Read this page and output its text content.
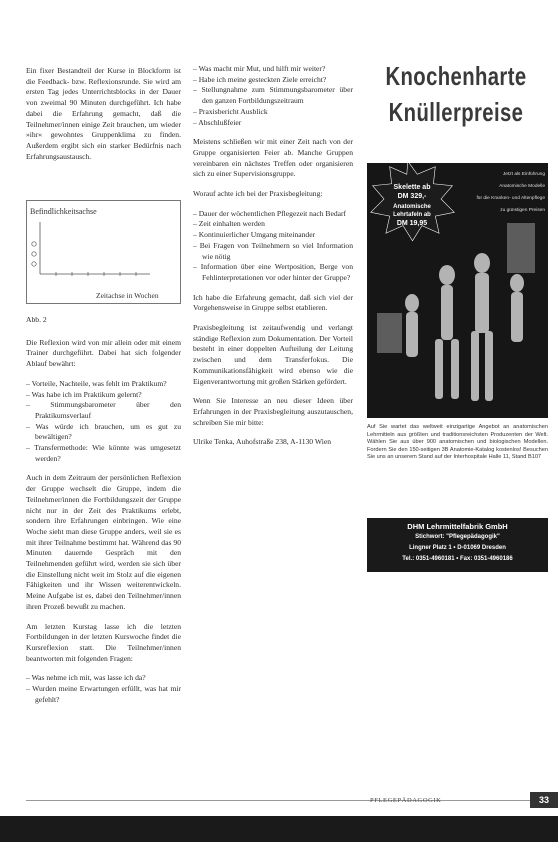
Ein fixer Bestandteil der Kurse in Blockform ist die Feedback- bzw. Reflexionsrunde. Sie wird am ersten Tag jedes Unterrichtsblocks in der Dauer von zweimal 90 Minuten durchgeführt. Ich habe dabei die Erfahrung gemacht, daß die Teilnehmer/innen einige Zeit brauchen, um wieder »ihr« gewohntes Gruppenklima zu finden. Außerdem ergibt sich ein starker Bedürfnis nach Erfahrungsaustausch.

Befindlichkeitsachse
Zeitachse in Wochen

Abb. 2

Die Reflexion wird von mir allein oder mit einem Trainer durchgeführt. Dabei hat sich folgender Ablauf bewährt:

– Vorteile, Nachteile, was fehlt im Praktikum?
– Was habe ich im Praktikum gelernt?
– Stimmungsbarometer über den Praktikumsverlauf
– Was würde ich brauchen, um es gut zu bewältigen?
– Transfermethode: Wie könnte was umgesetzt werden?

Auch in dem Zeitraum der persönlichen Reflexion der Gruppe wechselt die Gruppe, indem die Teilnehmer/innen die Fortbildungszeit der Gruppe nicht nur in der Zeit des Praktikums erlebt, sondern ihre Erfahrungen einbringen. Wie eine Woche sieht man diese Gruppe anders, weil sie es mit ihrer Teilnahme bestimmt hat. Während das 90 Minuten dauernde Gespräch mit den Teilnehmenden geführt wird, werden sie sich über die Einstellung nicht weit im Stolz auf die eigenen Fähigkeiten und ihr Wissen weiterentwickeln. Meine Aufgabe ist es, dabei den Teilnehmer/innen ihren Prozeß bewußt zu machen.

Am letzten Kurstag lasse ich die letzten Fortbildungen in der letzten Kurswoche findet die Kursreflexion statt. Die Teilnehmer/innen beantworten mit folgenden Fragen:

– Was nehme ich mit, was lasse ich da?
– Wurden meine Erwartungen erfüllt, was hat mir gefehlt?
– Was macht mir Mut, und hilft mir weiter?
– Habe ich meine gesteckten Ziele erreicht?
– Stellungnahme zum Stimmungsbarometer über den ganzen Fortbildungszeitraum
– Praxisbericht Ausblick
– Abschlußfeier

Meistens schließen wir mit einer Zeit nach von der Gruppe organisierten Feier ab. Manche Gruppen vereinbaren ein nächstes Treffen oder organisieren sich zu einer Supervisionsgruppe.

Worauf achte ich bei der Praxisbegleitung:

– Dauer der wöchentlichen Pflegezeit nach Bedarf
– Zeit einhalten werden
– Kontinuierlicher Umgang miteinander
– Bei Fragen von Teilnehmern so viel Information wie nötig
– Information über eine Wertposition, Berge von Fehlinterpretationen vor oder hinter der Gruppe?

Ich habe die Erfahrung gemacht, daß sich viel der Vorgehensweise in Gruppe selbst etablieren.

Praxisbegleitung ist zeitaufwendig und verlangt ständige Reflexion zum Dokumentation. Der Vorteil besteht in einer doppelten Aufteilung der Leitung zwischen und dem Transferfokus. Die Kommunikationsfähigkeit wird ebenso wie die Eigenverantwortung mit großen Stärken gefördert.

Wenn Sie Interesse an neu dieser Ideen über Erfahrungen in der Praxisbegleitung auszutauschen, schreiben Sie mir bitte:

Ulrike Tenka, Auhofstraße 238, A-1130 Wien

Knochenharte
Knüllerpreise
Skelette ab
DM 329,-
Anatomische
Lehrtafeln ab
DM 19,95
Jetzt als Einführung
Anatomische Modelle
für die Kranken- und Altenpflege
zu günstigen Preisen
Auf Sie wartet das weltweit einzigartige Angebot an anatomischen Lehrmitteln aus größten und traditionsreichsten Produzenten der Welt. Wählen Sie aus über 900 anatomischen und biologischen Modellen. Fordern Sie den 150-seitigen 3B Anatomie-Katalog kostenlos! Besuchen Sie uns an unserem Stand auf der Interhospitale Halle 11, Stand B107
DHM Lehrmittelfabrik GmbH
Stichwort: "Pflegepädagogik"
Lingner Platz 1 • D-01069 Dresden
Tel.: 0351-4960181 • Fax: 0351-4960186
PFLEGEPÄDAGOGIK	33
